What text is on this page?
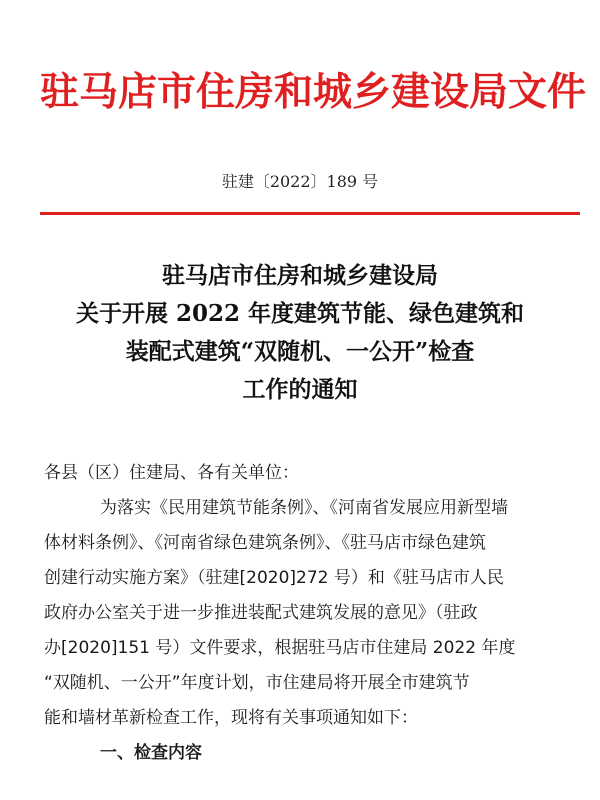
驻马店市住房和城乡建设局文件
驻建〔2022〕189 号
驻马店市住房和城乡建设局
关于开展 2022 年度建筑节能、绿色建筑和
装配式建筑“双随机、一公开”检查
工作的通知
各县（区）住建局、各有关单位：
为落实《民用建筑节能条例》、《河南省发展应用新型墙
体材料条例》、《河南省绿色建筑条例》、《驻马店市绿色建筑
创建行动实施方案》（驻建[2020]272 号）和《驻马店市人民
政府办公室关于进一步推进装配式建筑发展的意见》（驻政
办[2020]151 号）文件要求，根据驻马店市住建局 2022 年度
“双随机、一公开”年度计划，市住建局将开展全市建筑节
能和墙材革新检查工作，现将有关事项通知如下：
一、检查内容
